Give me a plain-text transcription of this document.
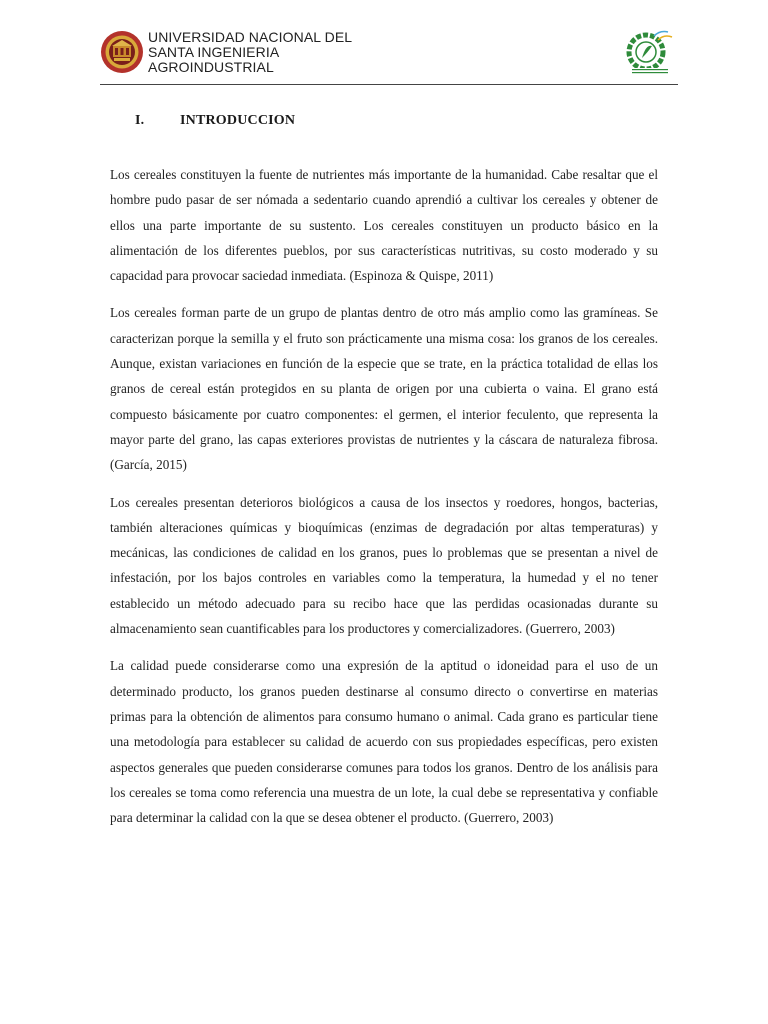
UNIVERSIDAD NACIONAL DEL
SANTA INGENIERIA
AGROINDUSTRIAL
I.	INTRODUCCION

Los cereales constituyen la fuente de nutrientes más importante de la humanidad. Cabe resaltar que el hombre pudo pasar de ser nómada a sedentario cuando aprendió a cultivar los cereales y obtener de ellos una parte importante de su sustento. Los cereales constituyen un producto básico en la alimentación de los diferentes pueblos, por sus características nutritivas, su costo moderado y su capacidad para provocar saciedad inmediata. (Espinoza & Quispe, 2011)

Los cereales forman parte de un grupo de plantas dentro de otro más amplio como las gramíneas. Se caracterizan porque la semilla y el fruto son prácticamente una misma cosa: los granos de los cereales. Aunque, existan variaciones en función de la especie que se trate, en la práctica totalidad de ellas los granos de cereal están protegidos en su planta de origen por una cubierta o vaina. El grano está compuesto básicamente por cuatro componentes: el germen, el interior feculento, que representa la mayor parte del grano, las capas exteriores provistas de nutrientes y la cáscara de naturaleza fibrosa. (García, 2015)

Los cereales presentan deterioros biológicos a causa de los insectos y roedores, hongos, bacterias, también alteraciones químicas y bioquímicas (enzimas de degradación por altas temperaturas) y mecánicas, las condiciones de calidad en los granos, pues lo problemas que se presentan a nivel de infestación, por los bajos controles en variables como la temperatura, la humedad y el no tener establecido un método adecuado para su recibo hace que las perdidas ocasionadas durante su almacenamiento sean cuantificables para los productores y comercializadores. (Guerrero, 2003)

La calidad puede considerarse como una expresión de la aptitud o idoneidad para el uso de un determinado producto, los granos pueden destinarse al consumo directo o convertirse en materias primas para la obtención de alimentos para consumo humano o animal. Cada grano es particular tiene una metodología para establecer su calidad de acuerdo con sus propiedades específicas, pero existen aspectos generales que pueden considerarse comunes para todos los granos. Dentro de los análisis para los cereales se toma como referencia una muestra de un lote, la cual debe se representativa y confiable para determinar la calidad con la que se desea obtener el producto. (Guerrero, 2003)
